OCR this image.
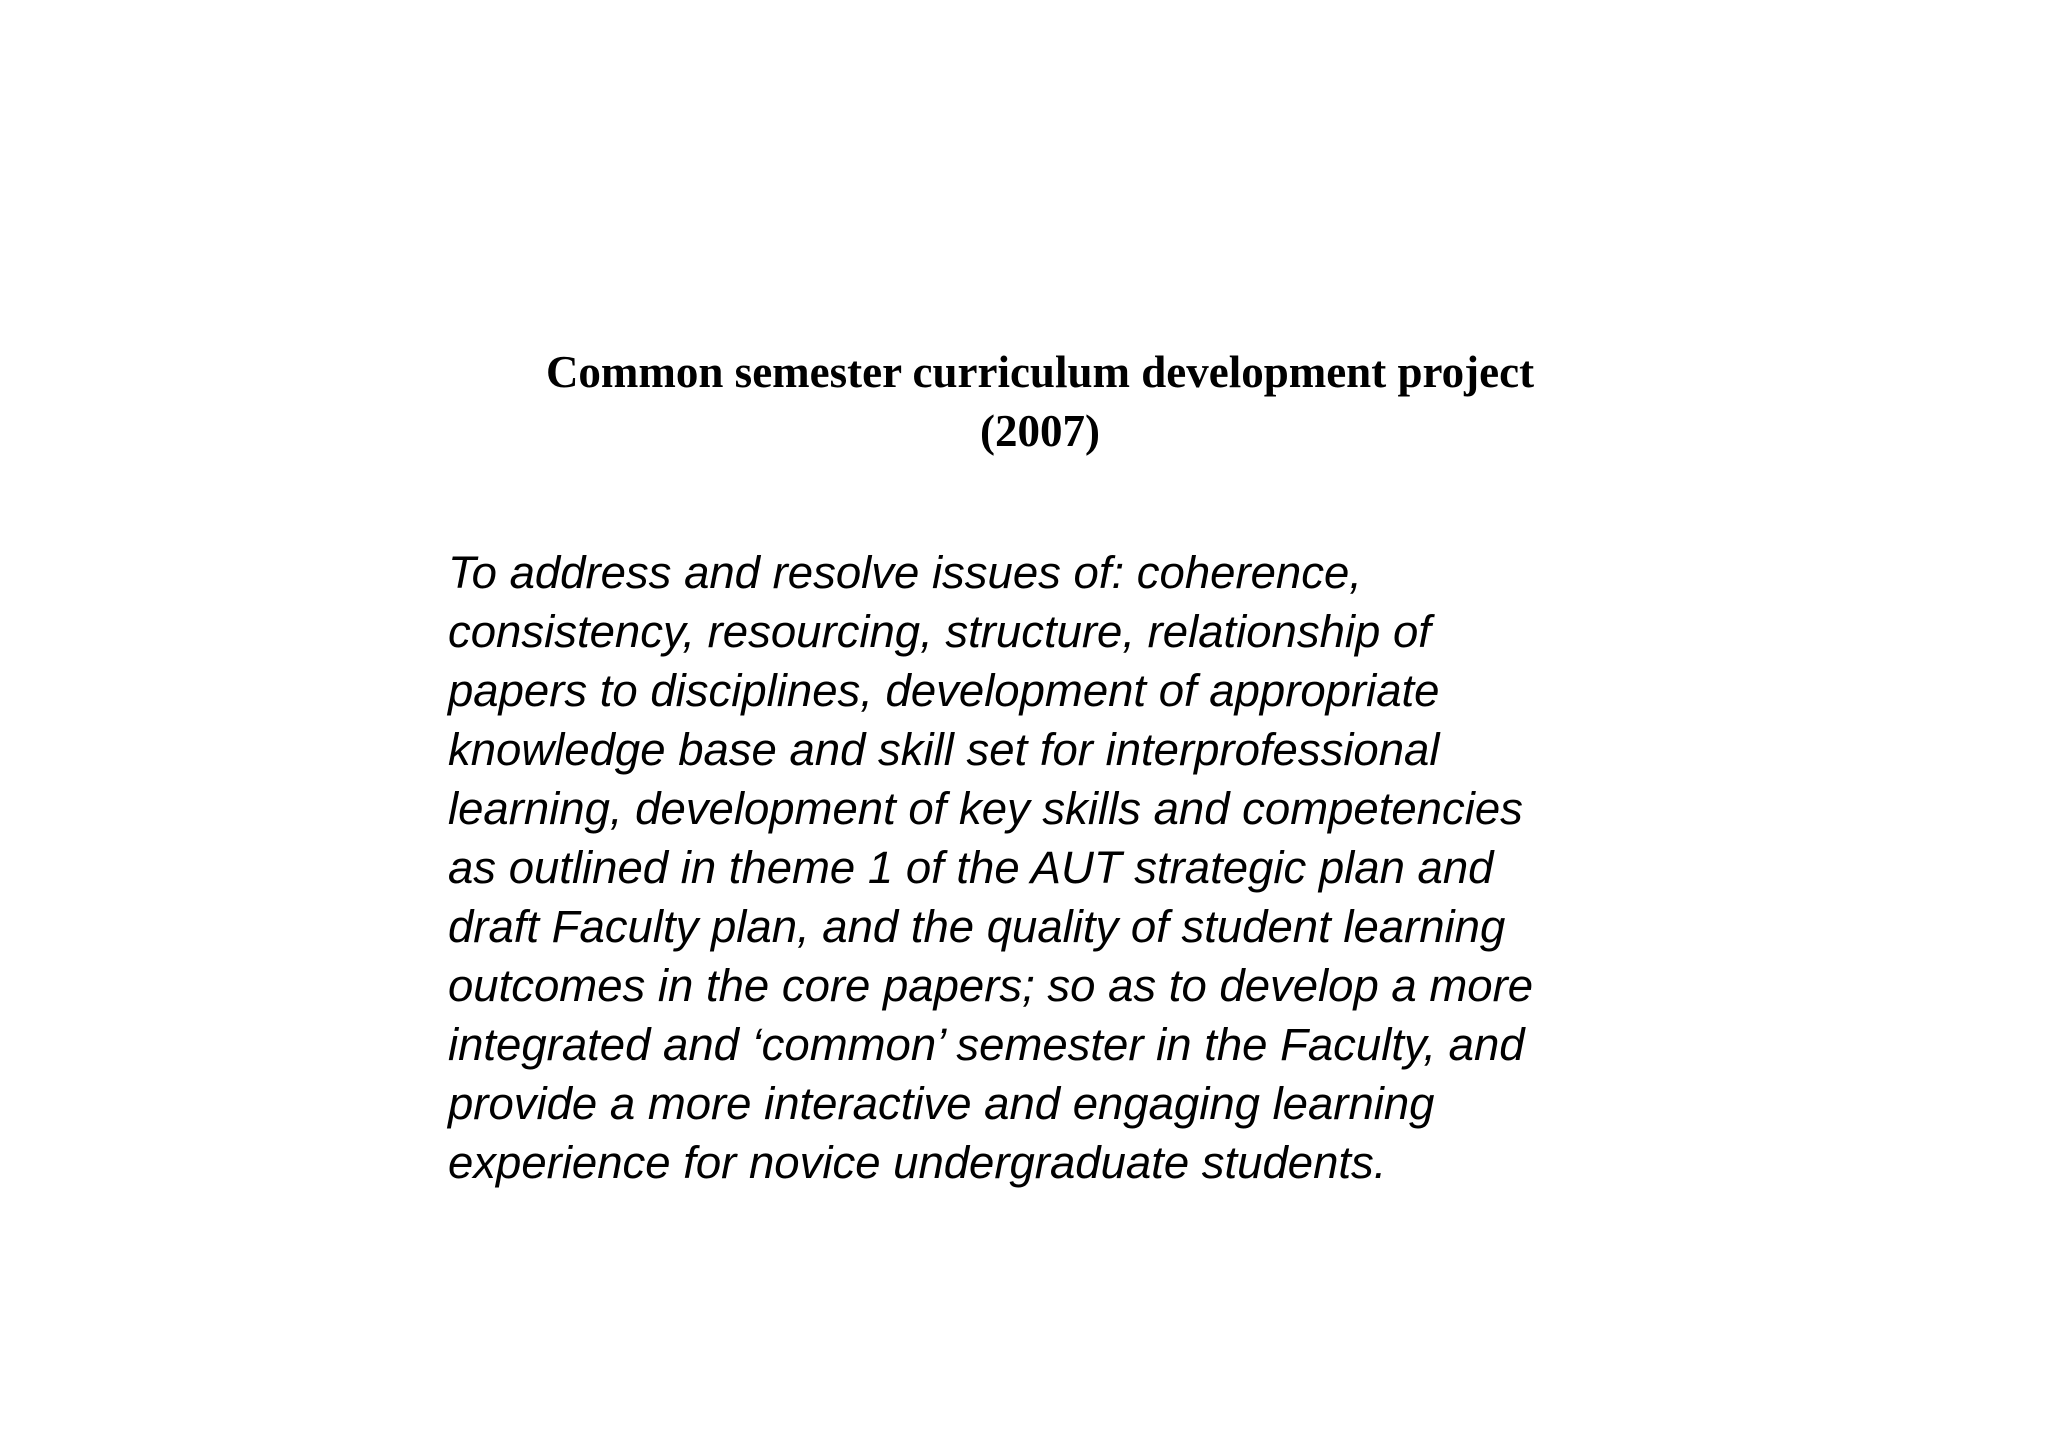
Common semester curriculum development project
(2007)

To address and resolve issues of: coherence,
consistency, resourcing, structure, relationship of
papers to disciplines, development of appropriate
knowledge base and skill set for interprofessional
learning, development of key skills and competencies
as outlined in theme 1 of the AUT strategic plan and
draft Faculty plan, and the quality of student learning
outcomes in the core papers; so as to develop a more
integrated and ‘common’ semester in the Faculty, and
provide a more interactive and engaging learning
experience for novice undergraduate students.
